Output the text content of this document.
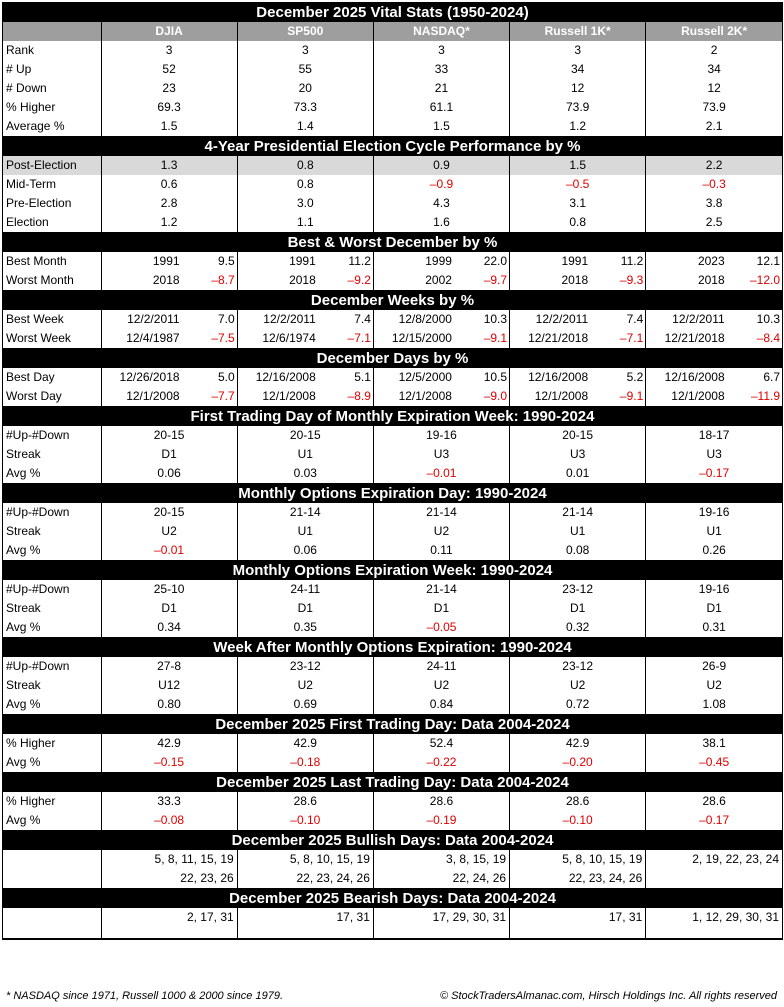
December 2025 Vital Stats (1950-2024)					
	DJIA	SP500	NASDAQ*	Russell 1K*	Russell 2K*
Rank	3	3	3	3	2
# Up	52	55	33	34	34
# Down	23	20	21	12	12
% Higher	69.3	73.3	61.1	73.9	73.9
Average %	1.5	1.4	1.5	1.2	2.1
4-Year Presidential Election Cycle Performance by %					
Post-Election	1.3	0.8	0.9	1.5	2.2
Mid-Term	0.6	0.8	–0.9	–0.5	–0.3
Pre-Election	2.8	3.0	4.3	3.1	3.8
Election	1.2	1.1	1.6	0.8	2.5
Best & Worst December by %					
Best Month	1991 9.5	1991 11.2	1999 22.0	1991 11.2	2023 12.1

Worst Month	2018 –8.7	2018 –9.2	2002 –9.7	2018 –9.3	2018 –12.0

December Weeks by %					
Best Week	12/2/2011 7.0	12/2/2011 7.4	12/8/2000 10.3	12/2/2011 7.4	12/2/2011 10.3

Worst Week	12/4/1987 –7.5	12/6/1974 –7.1	12/15/2000 –9.1	12/21/2018 –7.1	12/21/2018 –8.4

December Days by %					
Best Day	12/26/2018 5.0	12/16/2008 5.1	12/5/2000 10.5	12/16/2008 5.2	12/16/2008 6.7

Worst Day	12/1/2008 –7.7	12/1/2008 –8.9	12/1/2008 –9.0	12/1/2008 –9.1	12/1/2008 –11.9

First Trading Day of Monthly Expiration Week: 1990-2024					
#Up-#Down	20-15	20-15	19-16	20-15	18-17
Streak	D1	U1	U3	U3	U3
Avg %	0.06	0.03	–0.01	0.01	–0.17
Monthly Options Expiration Day: 1990-2024					
#Up-#Down	20-15	21-14	21-14	21-14	19-16
Streak	U2	U1	U2	U1	U1
Avg %	–0.01	0.06	0.11	0.08	0.26
Monthly Options Expiration Week: 1990-2024					
#Up-#Down	25-10	24-11	21-14	23-12	19-16
Streak	D1	D1	D1	D1	D1
Avg %	0.34	0.35	–0.05	0.32	0.31
Week After Monthly Options Expiration: 1990-2024					
#Up-#Down	27-8	23-12	24-11	23-12	26-9
Streak	U12	U2	U2	U2	U2
Avg %	0.80	0.69	0.84	0.72	1.08
December 2025 First Trading Day: Data 2004-2024					
% Higher	42.9	42.9	52.4	42.9	38.1
Avg %	–0.15	–0.18	–0.22	–0.20	–0.45
December 2025 Last Trading Day: Data 2004-2024					
% Higher	33.3	28.6	28.6	28.6	28.6
Avg %	–0.08	–0.10	–0.19	–0.10	–0.17
December 2025 Bullish Days: Data 2004-2024					
	5, 8, 11, 15, 19	5, 8, 10, 15, 19	3, 8, 15, 19	5, 8, 10, 15, 19	2, 19, 22, 23, 24
	22, 23, 26	22, 23, 24, 26	22, 24, 26	22, 23, 24, 26	
December 2025 Bearish Days: Data 2004-2024					
	2, 17, 31	17, 31	17, 29, 30, 31	17, 31	1, 12, 29, 30, 31
* NASDAQ since 1971, Russell 1000 & 2000 since 1979.	© StockTradersAlmanac.com, Hirsch Holdings Inc. All rights reserved
